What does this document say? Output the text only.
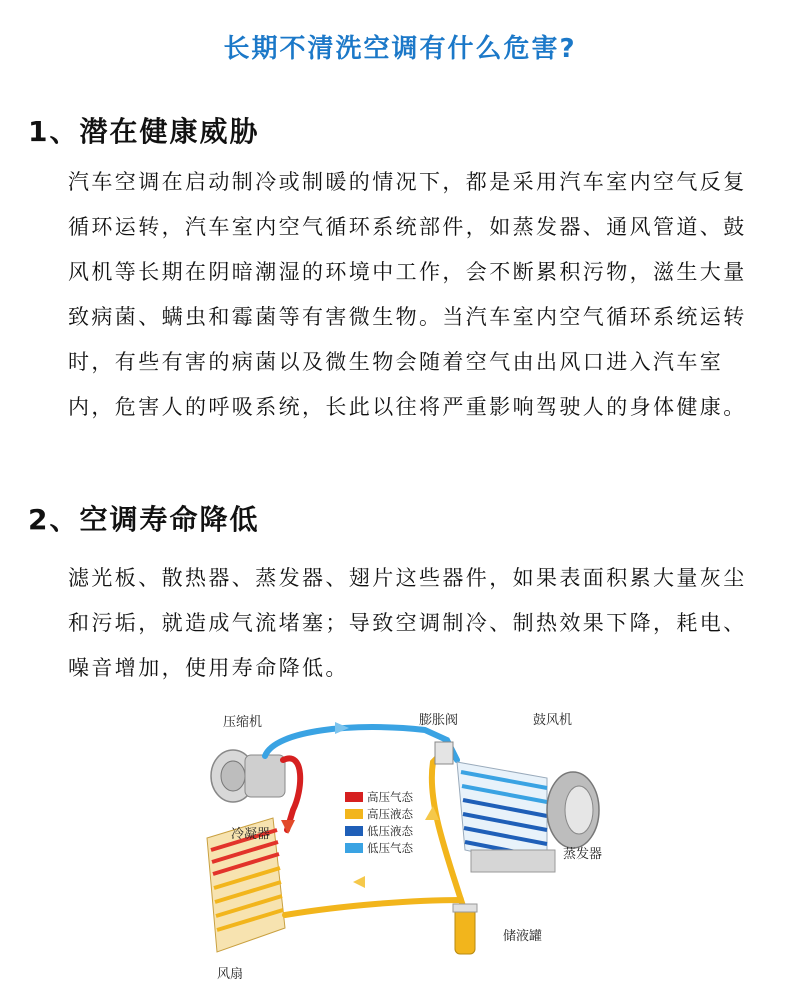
长期不清洗空调有什么危害?
1、潜在健康威胁
汽车空调在启动制冷或制暖的情况下，都是采用汽车室内空气反复循环运转，汽车室内空气循环系统部件，如蒸发器、通风管道、鼓风机等长期在阴暗潮湿的环境中工作，会不断累积污物，滋生大量致病菌、螨虫和霉菌等有害微生物。当汽车室内空气循环系统运转时，有些有害的病菌以及微生物会随着空气由出风口进入汽车室内，危害人的呼吸系统，长此以往将严重影响驾驶人的身体健康。
2、空调寿命降低
滤光板、散热器、蒸发器、翅片这些器件，如果表面积累大量灰尘和污垢，就造成气流堵塞；导致空调制冷、制热效果下降，耗电、噪音增加，使用寿命降低。
高压气态
高压液态
低压液态
低压气态
压缩机	膨胀阀	鼓风机
冷凝器
蒸发器
风扇
储液罐
